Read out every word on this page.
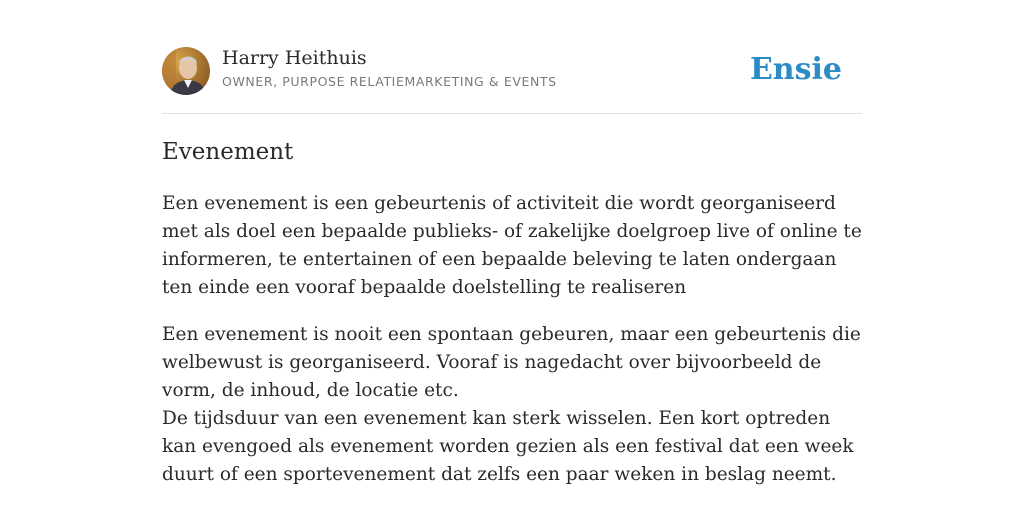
Harry Heithuis
OWNER, PURPOSE RELATIEMARKETING & EVENTS	Ensie
Evenement

Een evenement is een gebeurtenis of activiteit die wordt georganiseerd met als doel een bepaalde publieks- of zakelijke doelgroep live of online te informeren, te entertainen of een bepaalde beleving te laten ondergaan ten einde een vooraf bepaalde doelstelling te realiseren

Een evenement is nooit een spontaan gebeuren, maar een gebeurtenis die welbewust is georganiseerd. Vooraf is nagedacht over bijvoorbeeld de vorm, de inhoud, de locatie etc.
De tijdsduur van een evenement kan sterk wisselen. Een kort optreden kan evengoed als evenement worden gezien als een festival dat een week duurt of een sportevenement dat zelfs een paar weken in beslag neemt.
